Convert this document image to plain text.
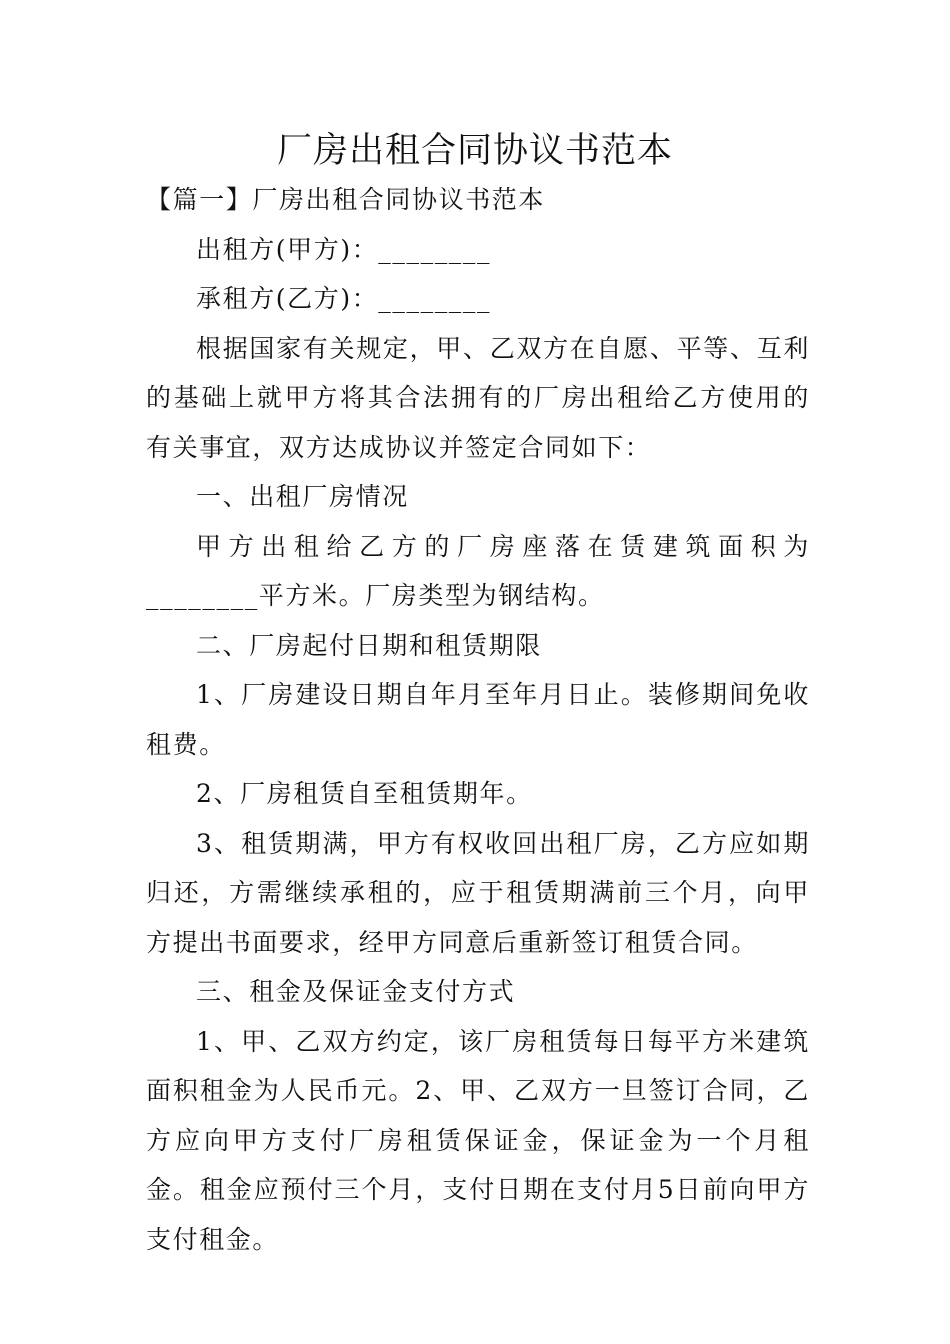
厂房出租合同协议书范本

【篇一】厂房出租合同协议书范本

出租方(甲方)：________

承租方(乙方)：________

根据国家有关规定，甲、乙双方在自愿、平等、互利的基础上就甲方将其合法拥有的厂房出租给乙方使用的有关事宜，双方达成协议并签定合同如下：

一、出租厂房情况

甲方出租给乙方的厂房座落在赁建筑面积为________平方米。厂房类型为钢结构。

二、厂房起付日期和租赁期限

1、厂房建设日期自年月至年月日止。装修期间免收租费。

2、厂房租赁自至租赁期年。

3、租赁期满，甲方有权收回出租厂房，乙方应如期归还，方需继续承租的，应于租赁期满前三个月，向甲方提出书面要求，经甲方同意后重新签订租赁合同。

三、租金及保证金支付方式

1、甲、乙双方约定，该厂房租赁每日每平方米建筑面积租金为人民币元。2、甲、乙双方一旦签订合同，乙方应向甲方支付厂房租赁保证金，保证金为一个月租金。租金应预付三个月，支付日期在支付月5日前向甲方支付租金。
